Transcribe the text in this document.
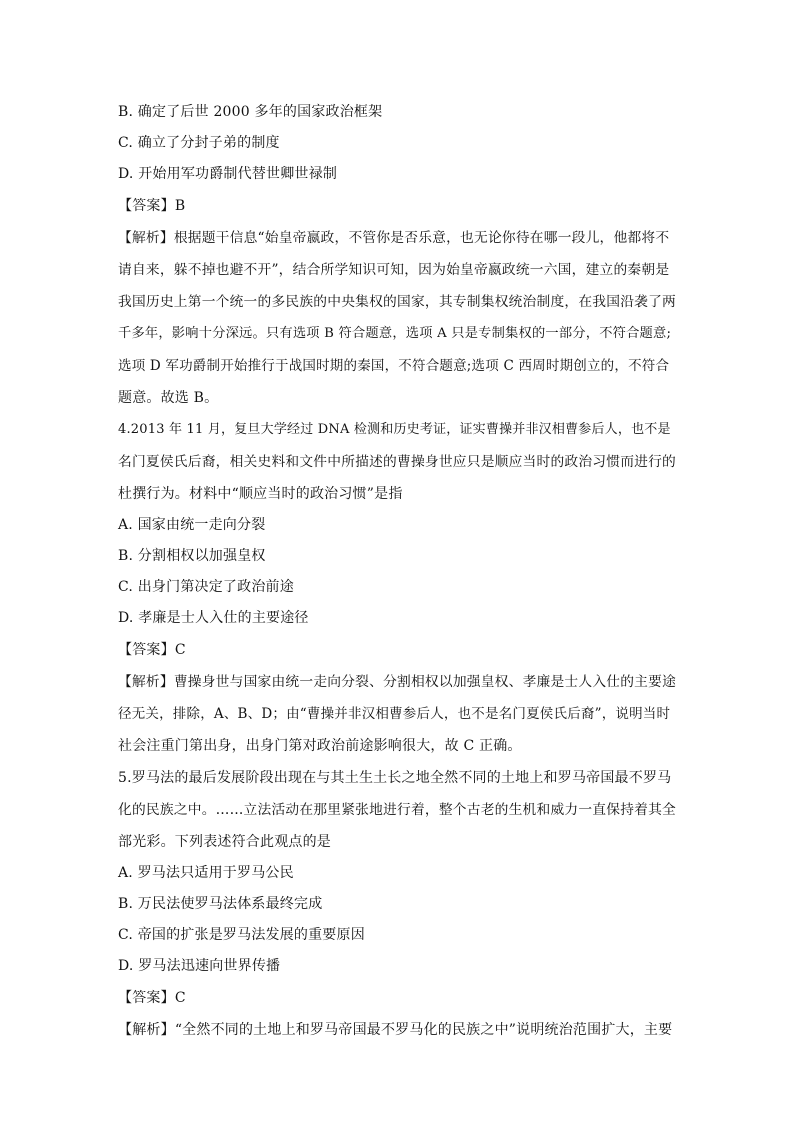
B. 确定了后世 2000 多年的国家政治框架
C. 确立了分封子弟的制度
D. 开始用军功爵制代替世卿世禄制
【答案】B
【解析】根据题干信息“始皇帝嬴政，不管你是否乐意，也无论你待在哪一段儿，他都将不
请自来，躲不掉也避不开”，结合所学知识可知，因为始皇帝嬴政统一六国，建立的秦朝是
我国历史上第一个统一的多民族的中央集权的国家，其专制集权统治制度，在我国沿袭了两
千多年，影响十分深远。只有选项 B 符合题意，选项 A 只是专制集权的一部分，不符合题意;
选项 D 军功爵制开始推行于战国时期的秦国，不符合题意;选项 C 西周时期创立的，不符合
题意。故选 B。
4.2013 年 11 月，复旦大学经过 DNA 检测和历史考证，证实曹操并非汉相曹参后人，也不是
名门夏侯氏后裔，相关史料和文件中所描述的曹操身世应只是顺应当时的政治习惯而进行的
杜撰行为。材料中“顺应当时的政治习惯”是指
A. 国家由统一走向分裂
B. 分割相权以加强皇权
C. 出身门第决定了政治前途
D. 孝廉是士人入仕的主要途径
【答案】C
【解析】曹操身世与国家由统一走向分裂、分割相权以加强皇权、孝廉是士人入仕的主要途
径无关，排除，A、B、D；由“曹操并非汉相曹参后人，也不是名门夏侯氏后裔”，说明当时
社会注重门第出身，出身门第对政治前途影响很大，故 C 正确。
5.罗马法的最后发展阶段出现在与其土生土长之地全然不同的土地上和罗马帝国最不罗马
化的民族之中。……立法活动在那里紧张地进行着，整个古老的生机和威力一直保持着其全
部光彩。下列表述符合此观点的是
A. 罗马法只适用于罗马公民
B. 万民法使罗马法体系最终完成
C. 帝国的扩张是罗马法发展的重要原因
D. 罗马法迅速向世界传播
【答案】C
【解析】“全然不同的土地上和罗马帝国最不罗马化的民族之中”说明统治范围扩大，主要
